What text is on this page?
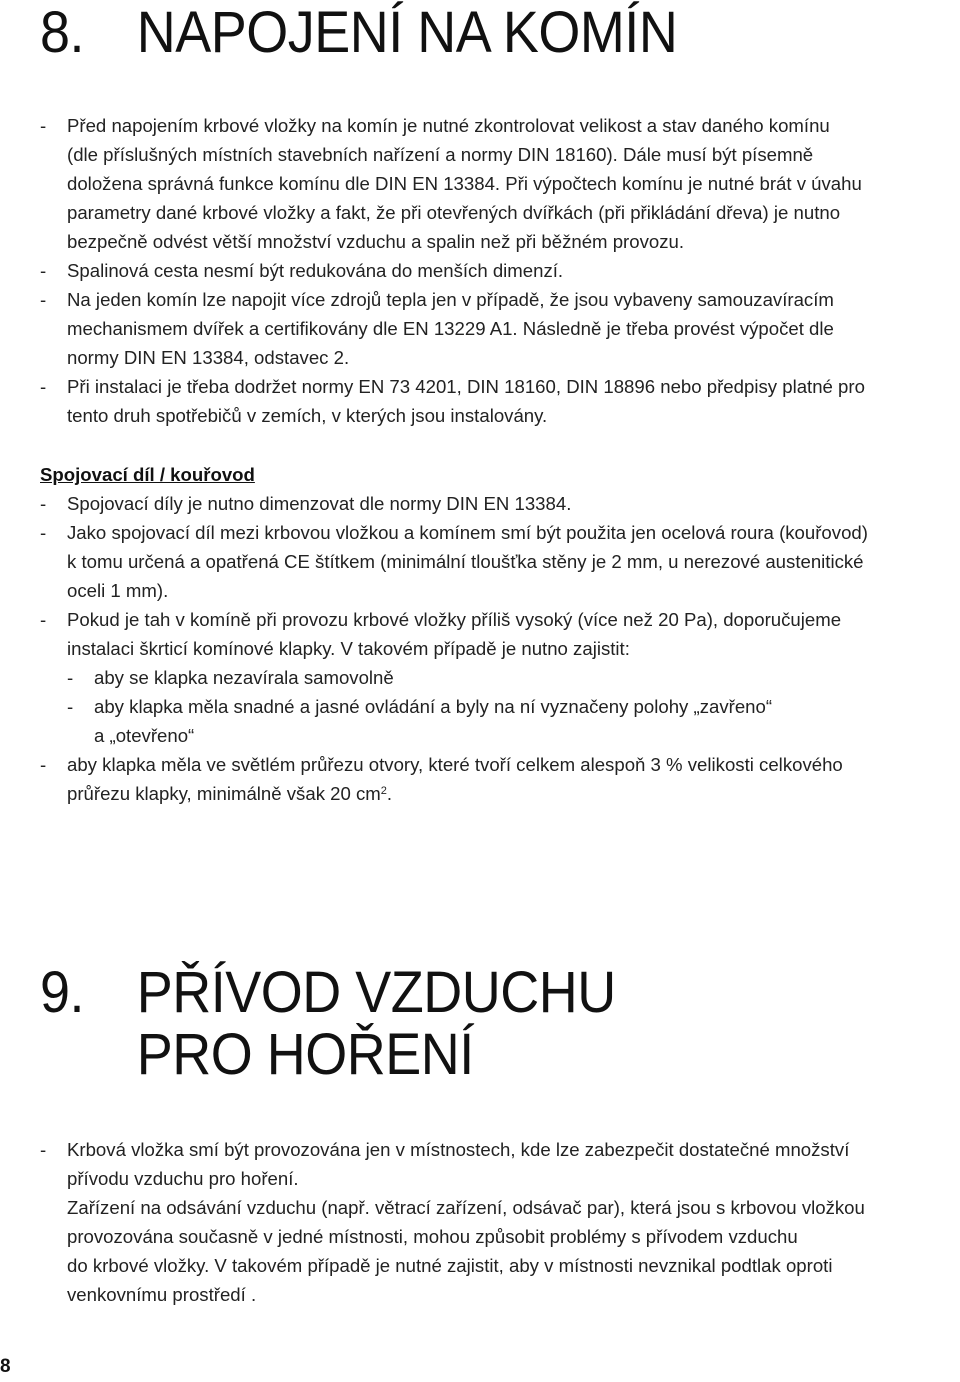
8. NAPOJENÍ NA KOMÍN
- Před napojením krbové vložky na komín je nutné zkontrolovat velikost a stav daného komínu
(dle příslušných místních stavebních nařízení a normy DIN 18160). Dále musí být písemně
doložena správná funkce komínu dle DIN EN 13384. Při výpočtech komínu je nutné brát v úvahu
parametry dané krbové vložky a fakt, že při otevřených dvířkách (při přikládání dřeva) je nutno
bezpečně odvést větší množství vzduchu a spalin než při běžném provozu.
- Spalinová cesta nesmí být redukována do menších dimenzí.
- Na jeden komín lze napojit více zdrojů tepla jen v případě, že jsou vybaveny samouzavíracím
mechanismem dvířek a certifikovány dle EN 13229 A1. Následně je třeba provést výpočet dle
normy DIN EN 13384, odstavec 2.
- Při instalaci je třeba dodržet normy EN 73 4201, DIN 18160, DIN 18896 nebo předpisy platné pro
tento druh spotřebičů v zemích, v kterých jsou instalovány.
Spojovací díl / kouřovod
- Spojovací díly je nutno dimenzovat dle normy DIN EN 13384.
- Jako spojovací díl mezi krbovou vložkou a komínem smí být použita jen ocelová roura (kouřovod)
k tomu určená a opatřená CE štítkem (minimální tloušťka stěny je 2 mm, u nerezové austenitické
oceli 1 mm).
- Pokud je tah v komíně při provozu krbové vložky příliš vysoký (více než 20 Pa), doporučujeme
instalaci škrticí komínové klapky. V takovém případě je nutno zajistit:
- aby se klapka nezavírala samovolně
- aby klapka měla snadné a jasné ovládání a byly na ní vyznačeny polohy „zavřeno“
a „otevřeno“
- aby klapka měla ve světlém průřezu otvory, které tvoří celkem alespoň 3 % velikosti celkového
průřezu klapky, minimálně však 20 $cm^2$.
9. PŘÍVOD VZDUCHU
PRO HOŘENÍ
- Krbová vložka smí být provozována jen v místnostech, kde lze zabezpečit dostatečné množství
přívodu vzduchu pro hoření.
Zařízení na odsávání vzduchu (např. větrací zařízení, odsávač par), která jsou s krbovou vložkou
provozována současně v jedné místnosti, mohou způsobit problémy s přívodem vzduchu
do krbové vložky. V takovém případě je nutné zajistit, aby v místnosti nevznikal podtlak oproti
venkovnímu prostředí .
8
